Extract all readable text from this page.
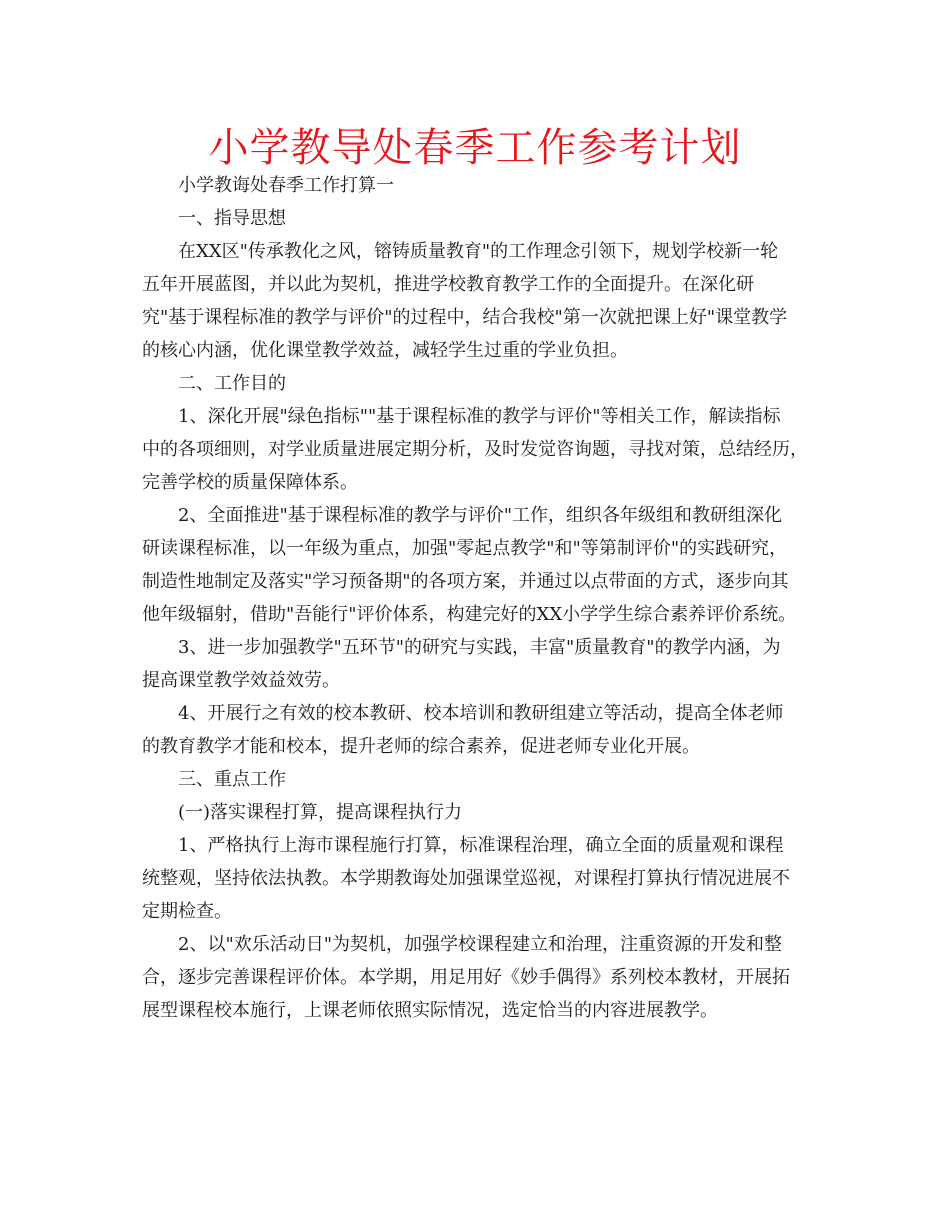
小学教导处春季工作参考计划

小学教诲处春季工作打算一

一、指导思想

在XX区"传承教化之风，镕铸质量教育"的工作理念引领下，规划学校新一轮

五年开展蓝图，并以此为契机，推进学校教育教学工作的全面提升。在深化研

究"基于课程标准的教学与评价"的过程中，结合我校"第一次就把课上好"课堂教学

的核心内涵，优化课堂教学效益，减轻学生过重的学业负担。

二、工作目的

1、深化开展"绿色指标""基于课程标准的教学与评价"等相关工作，解读指标

中的各项细则，对学业质量进展定期分析，及时发觉咨询题，寻找对策，总结经历，

完善学校的质量保障体系。

2、全面推进"基于课程标准的教学与评价"工作，组织各年级组和教研组深化

研读课程标准，以一年级为重点，加强"零起点教学"和"等第制评价"的实践研究，

制造性地制定及落实"学习预备期"的各项方案，并通过以点带面的方式，逐步向其

他年级辐射，借助"吾能行"评价体系，构建完好的XX小学学生综合素养评价系统。

3、进一步加强教学"五环节"的研究与实践，丰富"质量教育"的教学内涵，为

提高课堂教学效益效劳。

4、开展行之有效的校本教研、校本培训和教研组建立等活动，提高全体老师

的教育教学才能和校本，提升老师的综合素养，促进老师专业化开展。

三、重点工作

(一)落实课程打算，提高课程执行力

1、严格执行上海市课程施行打算，标准课程治理，确立全面的质量观和课程

统整观，坚持依法执教。本学期教诲处加强课堂巡视，对课程打算执行情况进展不

定期检查。

2、以"欢乐活动日"为契机，加强学校课程建立和治理，注重资源的开发和整

合，逐步完善课程评价体。本学期，用足用好《妙手偶得》系列校本教材，开展拓

展型课程校本施行，上课老师依照实际情况，选定恰当的内容进展教学。
